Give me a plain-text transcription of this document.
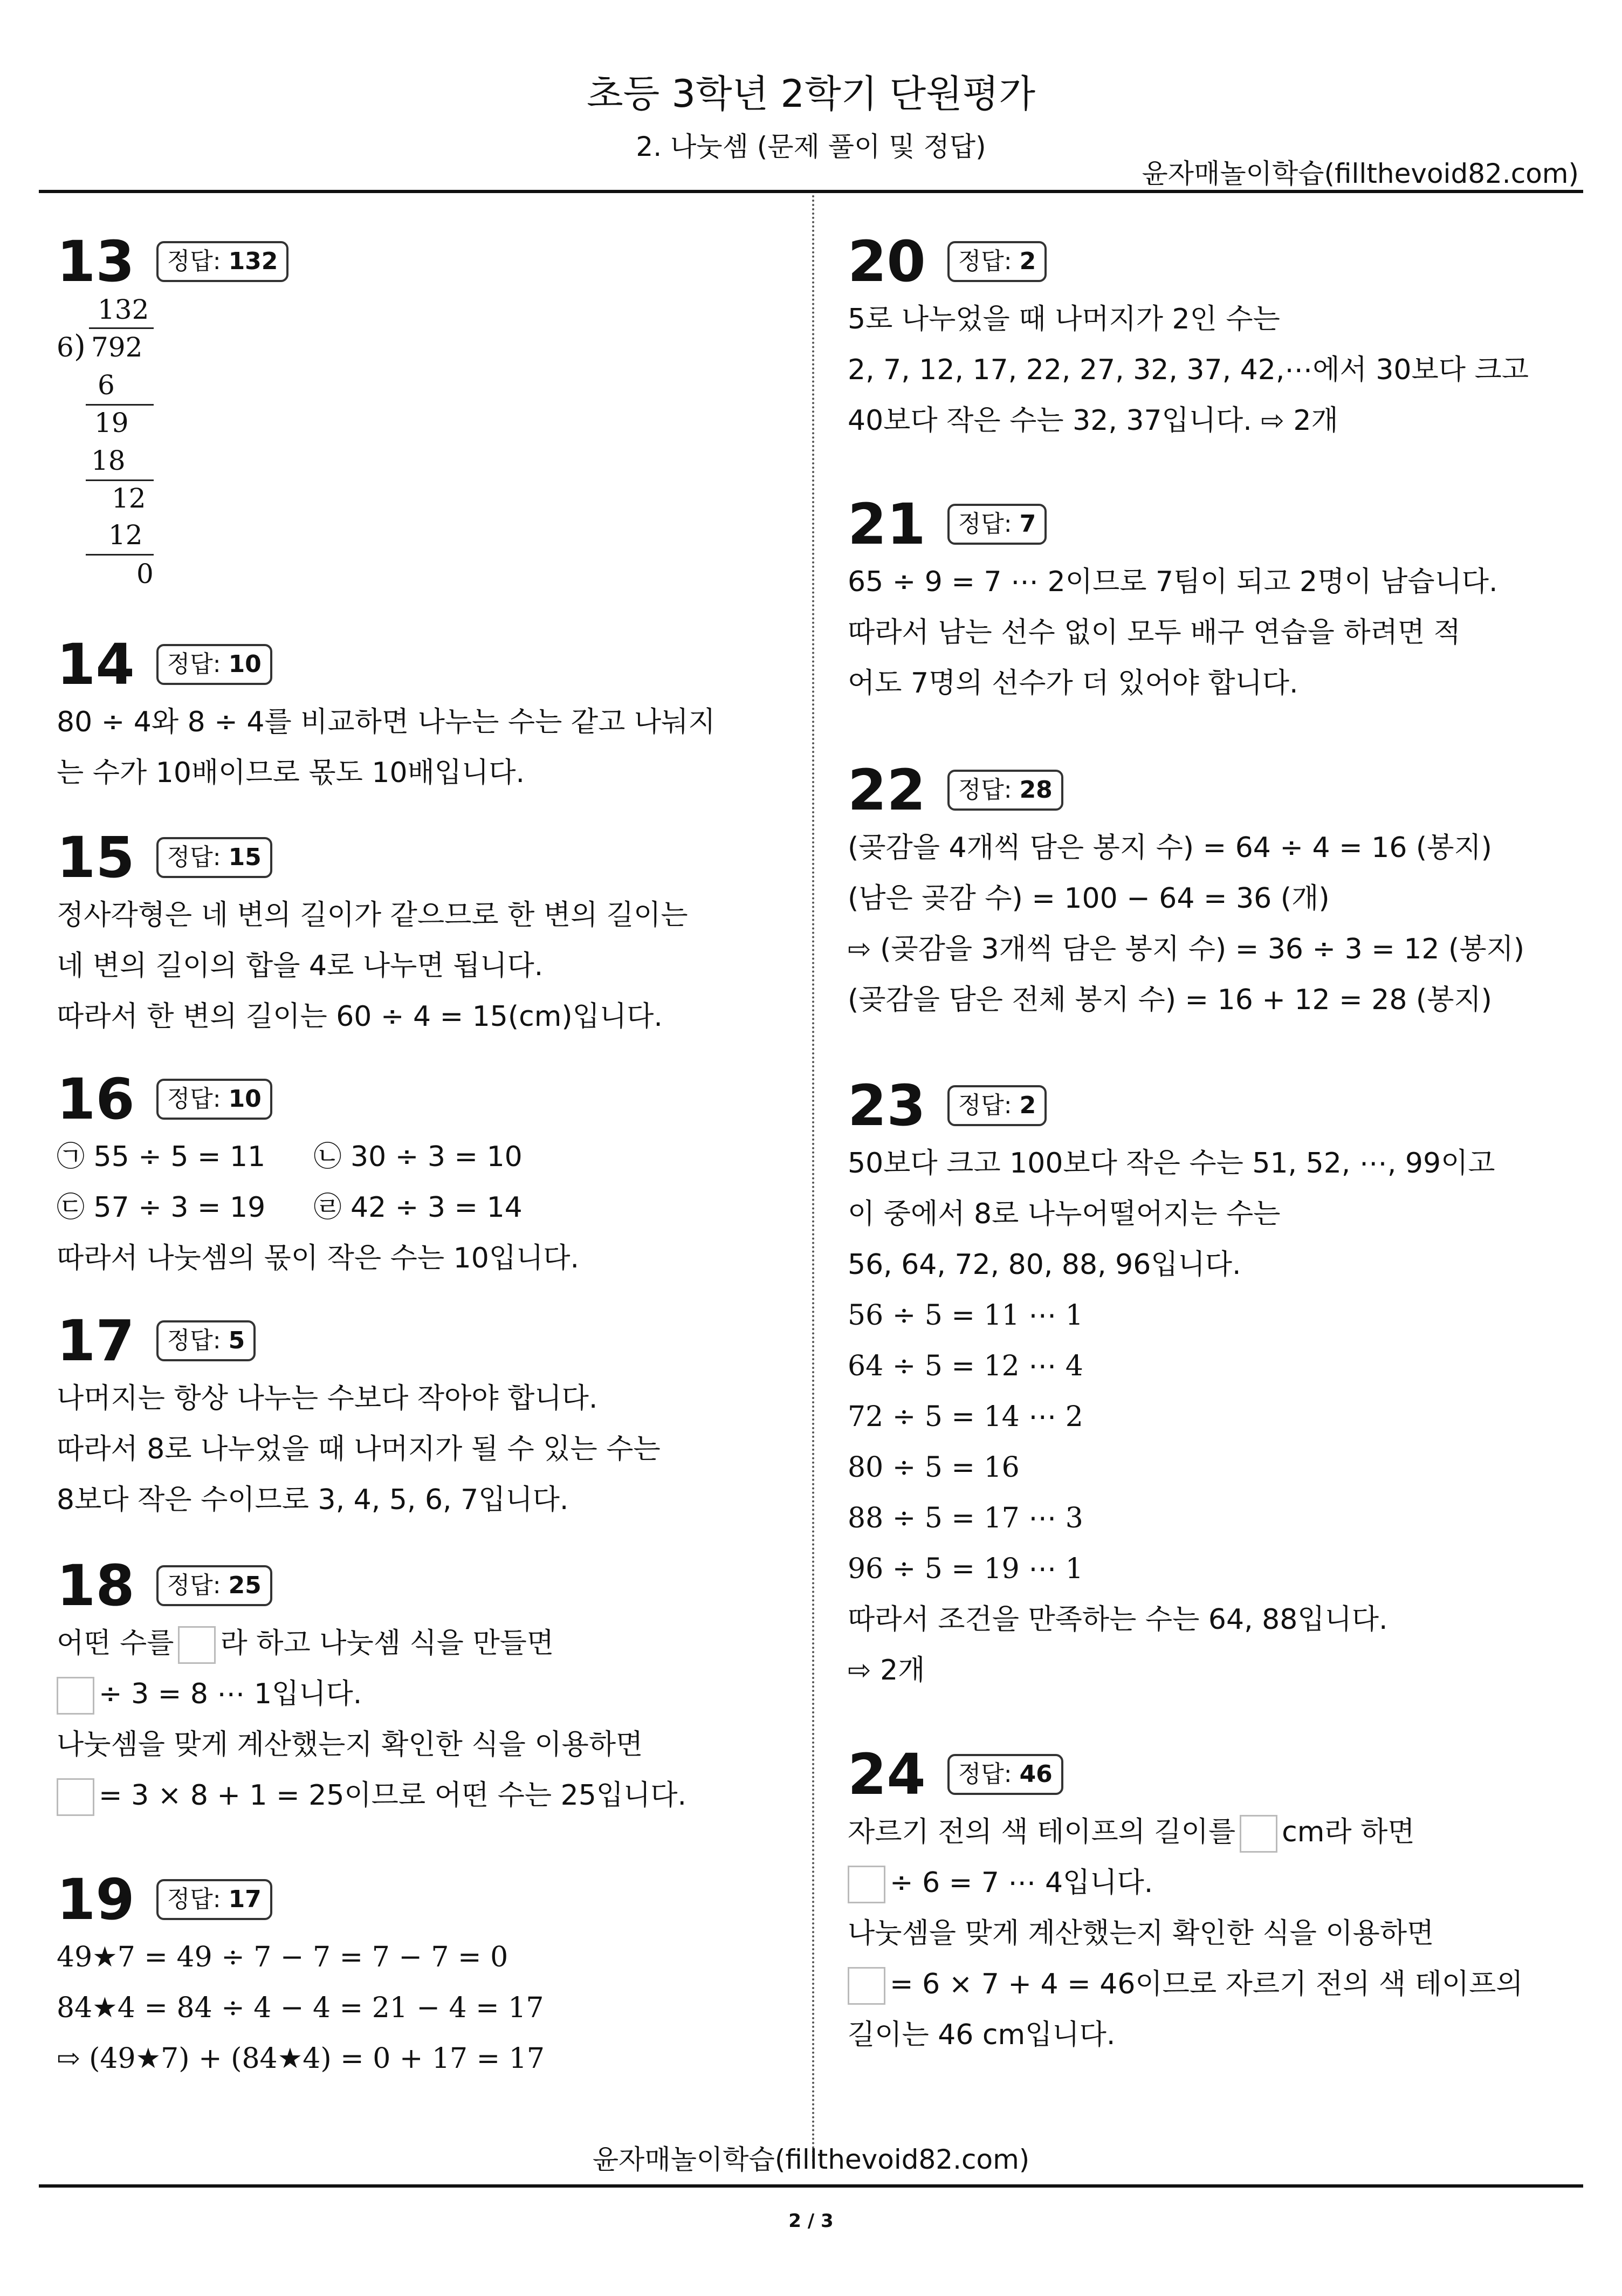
초등 3학년 2학기 단원평가
2. 나눗셈 (문제 풀이 및 정답)
윤자매놀이학습(fillthevoid82.com)
13	정답: 132
132
6 ) 792
6
19
18
12
12
0
14	정답: 10
80 ÷ 4와 8 ÷ 4를 비교하면 나누는 수는 같고 나눠지
는 수가 10배이므로 몫도 10배입니다.
15	정답: 15
정사각형은 네 변의 길이가 같으므로 한 변의 길이는
네 변의 길이의 합을 4로 나누면 됩니다.
따라서 한 변의 길이는 60 ÷ 4 = 15(cm)입니다.
16	정답: 10
㉠ 55 ÷ 5 = 11 ㉡ 30 ÷ 3 = 10
㉢ 57 ÷ 3 = 19 ㉣ 42 ÷ 3 = 14
따라서 나눗셈의 몫이 작은 수는 10입니다.
17	정답: 5
나머지는 항상 나누는 수보다 작아야 합니다.
따라서 8로 나누었을 때 나머지가 될 수 있는 수는
8보다 작은 수이므로 3, 4, 5, 6, 7입니다.
18	정답: 25
어떤 수를 라 하고 나눗셈 식을 만들면
÷ 3 = 8 ⋯ 1입니다.
나눗셈을 맞게 계산했는지 확인한 식을 이용하면
= 3 × 8 + 1 = 25이므로 어떤 수는 25입니다.
19	정답: 17
49★7 = 49 ÷ 7 − 7 = 7 − 7 = 0
84★4 = 84 ÷ 4 − 4 = 21 − 4 = 17
⇨ (49★7) + (84★4) = 0 + 17 = 17
20	정답: 2
5로 나누었을 때 나머지가 2인 수는
2, 7, 12, 17, 22, 27, 32, 37, 42,⋯에서 30보다 크고
40보다 작은 수는 32, 37입니다. ⇨ 2개
21	정답: 7
65 ÷ 9 = 7 ⋯ 2이므로 7팀이 되고 2명이 남습니다.
따라서 남는 선수 없이 모두 배구 연습을 하려면 적
어도 7명의 선수가 더 있어야 합니다.
22	정답: 28
(곶감을 4개씩 담은 봉지 수) = 64 ÷ 4 = 16 (봉지)
(남은 곶감 수) = 100 − 64 = 36 (개)
⇨ (곶감을 3개씩 담은 봉지 수) = 36 ÷ 3 = 12 (봉지)
(곶감을 담은 전체 봉지 수) = 16 + 12 = 28 (봉지)
23	정답: 2
50보다 크고 100보다 작은 수는 51, 52, ⋯, 99이고
이 중에서 8로 나누어떨어지는 수는
56, 64, 72, 80, 88, 96입니다.
56 ÷ 5 = 11 ⋯ 1
64 ÷ 5 = 12 ⋯ 4
72 ÷ 5 = 14 ⋯ 2
80 ÷ 5 = 16
88 ÷ 5 = 17 ⋯ 3
96 ÷ 5 = 19 ⋯ 1
따라서 조건을 만족하는 수는 64, 88입니다.
⇨ 2개
24	정답: 46
자르기 전의 색 테이프의 길이를 cm라 하면
÷ 6 = 7 ⋯ 4입니다.
나눗셈을 맞게 계산했는지 확인한 식을 이용하면
= 6 × 7 + 4 = 46이므로 자르기 전의 색 테이프의
길이는 46 cm입니다.
윤자매놀이학습(fillthevoid82.com)
2 / 3
